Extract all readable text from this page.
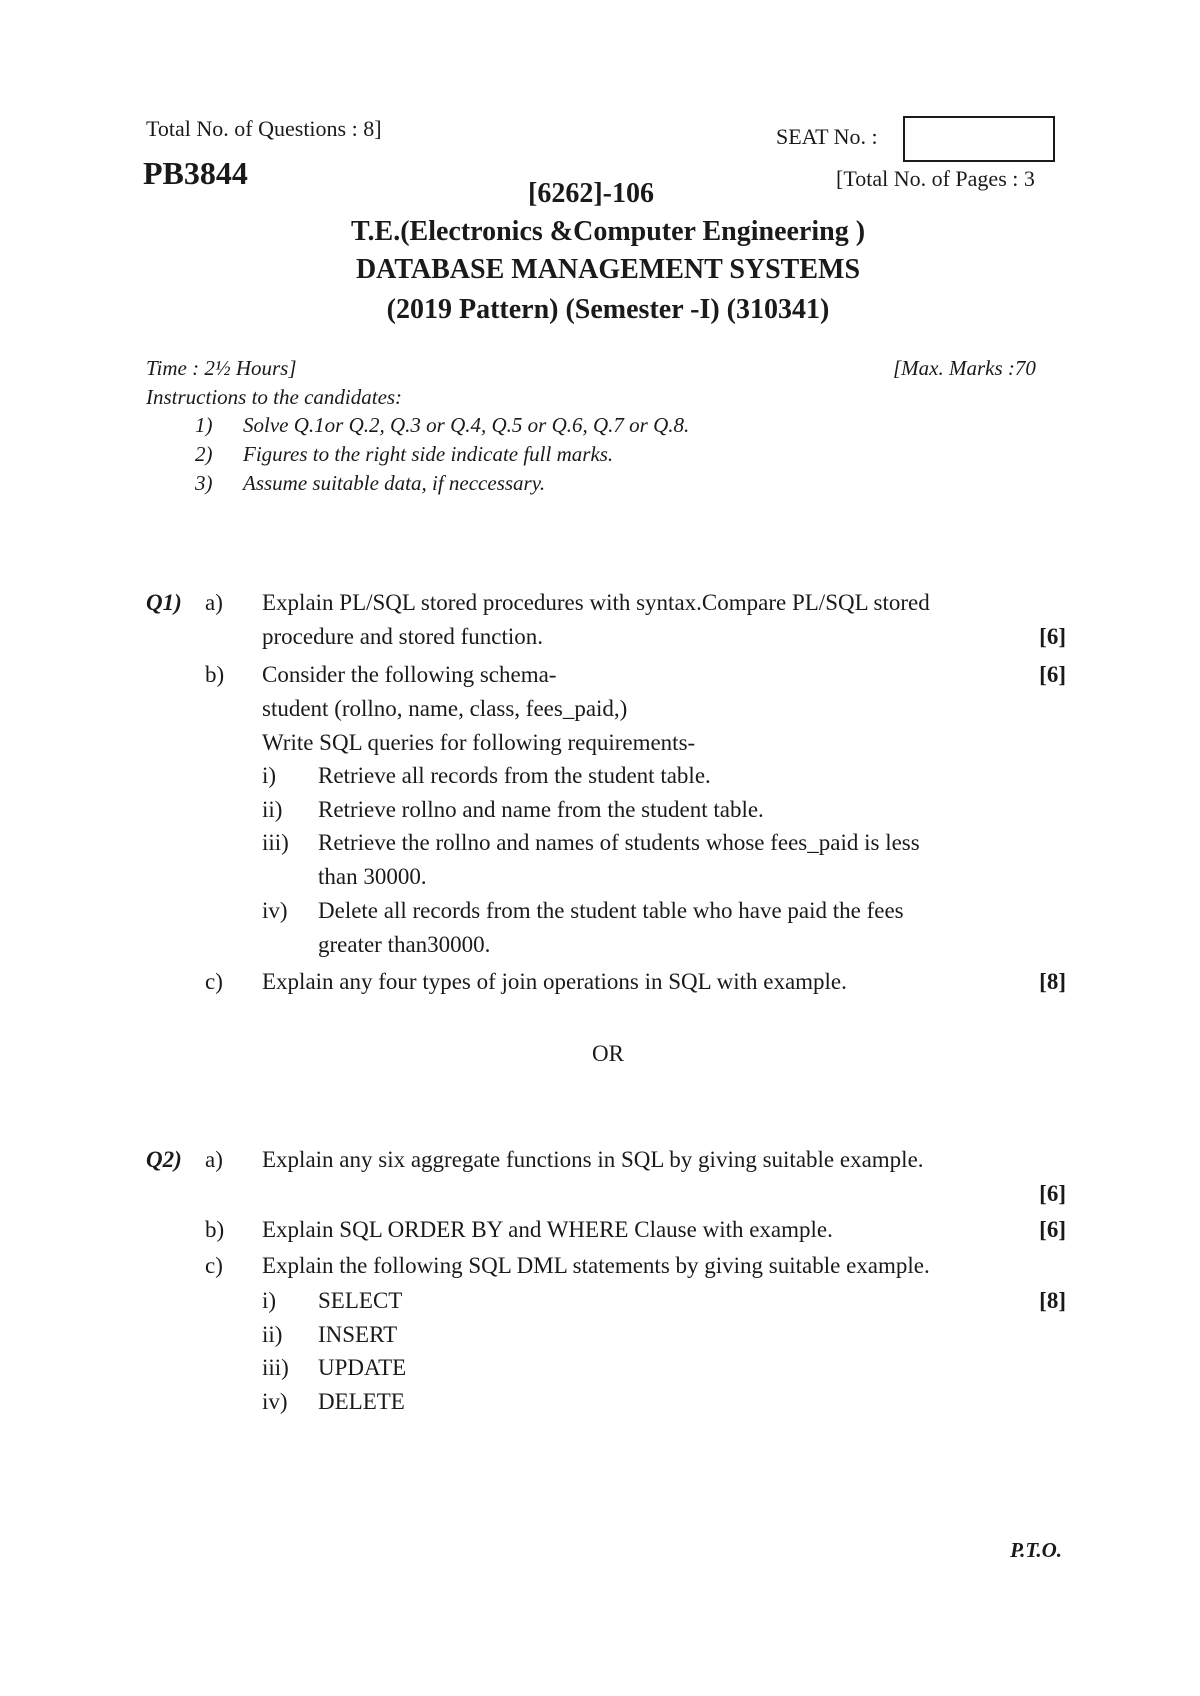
Total No. of Questions : 8]
PB3844
SEAT No. :
[Total No. of Pages : 3
[6262]-106
T.E.(Electronics &Computer Engineering )
DATABASE MANAGEMENT SYSTEMS
(2019 Pattern) (Semester -I) (310341)
Time : 2½ Hours]	[Max. Marks :70
Instructions to the candidates:
1) Solve Q.1or Q.2, Q.3 or Q.4, Q.5 or Q.6, Q.7 or Q.8.
2) Figures to the right side indicate full marks.
3) Assume suitable data, if neccessary.
Q1) a) Explain PL/SQL stored procedures with syntax.Compare PL/SQL stored
procedure and stored function.	[6]
b) Consider the following schema-	[6]
student (rollno, name, class, fees_paid,)
Write SQL queries for following requirements-
i) Retrieve all records from the student table.
ii) Retrieve rollno and name from the student table.
iii) Retrieve the rollno and names of students whose fees_paid is less
than 30000.
iv) Delete all records from the student table who have paid the fees
greater than30000.
c) Explain any four types of join operations in SQL with example.	[8]
OR
Q2) a) Explain any six aggregate functions in SQL by giving suitable example.
[6]
b) Explain SQL ORDER BY and WHERE Clause with example.	[6]
c) Explain the following SQL DML statements by giving suitable example.
i) SELECT	[8]
ii) INSERT
iii) UPDATE
iv) DELETE
P.T.O.
